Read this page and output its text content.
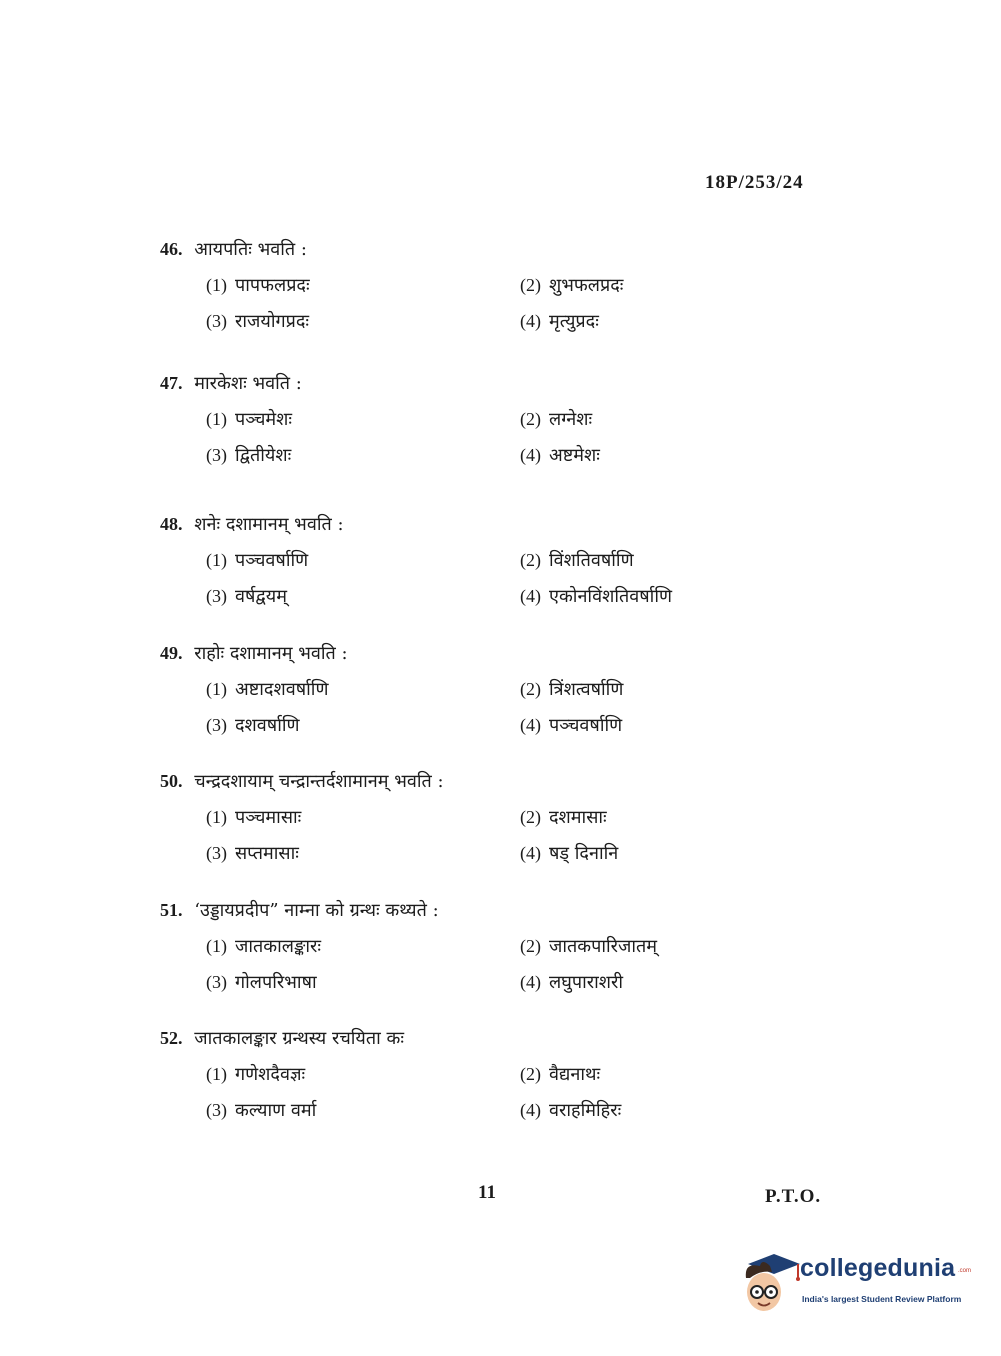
18P/253/24
46. आयपतिः भवति :
(1) पापफलप्रदः	(2) शुभफलप्रदः
(3) राजयोगप्रदः	(4) मृत्युप्रदः
47. मारकेशः भवति :
(1) पञ्चमेशः	(2) लग्नेशः
(3) द्वितीयेशः	(4) अष्टमेशः
48. शनेः दशामानम् भवति :
(1) पञ्चवर्षाणि	(2) विंशतिवर्षाणि
(3) वर्षद्वयम्	(4) एकोनविंशतिवर्षाणि
49. राहोः दशामानम् भवति :
(1) अष्टादशवर्षाणि	(2) त्रिंशत्वर्षाणि
(3) दशवर्षाणि	(4) पञ्चवर्षाणि
50. चन्द्रदशायाम् चन्द्रान्तर्दशामानम् भवति :
(1) पञ्चमासाः	(2) दशमासाः
(3) सप्तमासाः	(4) षड् दिनानि
51. ‘उड्डायप्रदीप” नाम्ना को ग्रन्थः कथ्यते :
(1) जातकालङ्कारः	(2) जातकपारिजातम्
(3) गोलपरिभाषा	(4) लघुपाराशरी
52. जातकालङ्कार ग्रन्थस्य रचयिता कः
(1) गणेशदैवज्ञः	(2) वैद्यनाथः
(3) कल्याण वर्मा	(4) वराहमिहिरः
11	P.T.O.
collegedunia .com
India's largest Student Review Platform
